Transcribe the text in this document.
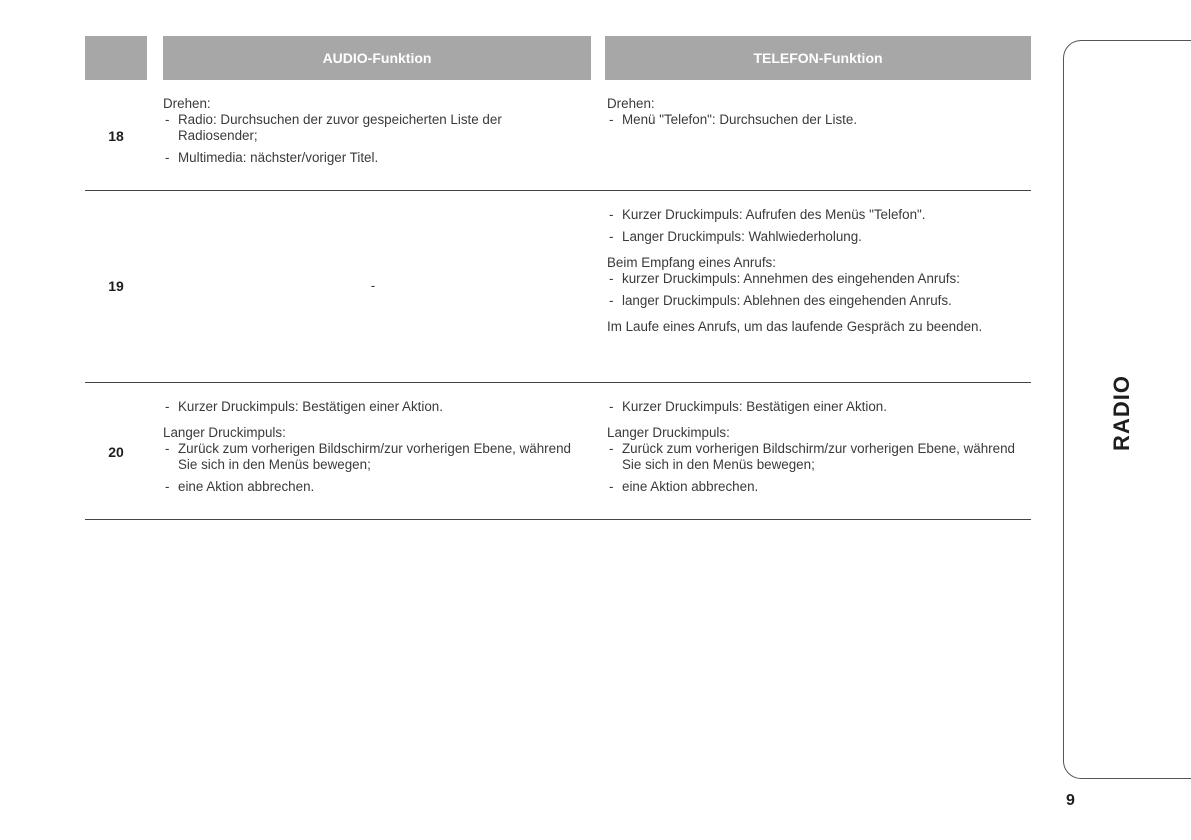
AUDIO-Funktion	TELEFON-Funktion
18
Drehen:
- Radio: Durchsuchen der zuvor gespeicherten Liste der Radiosender;
- Multimedia: nächster/voriger Titel.
Drehen:
- Menü "Telefon": Durchsuchen der Liste.
19	-
- Kurzer Druckimpuls: Aufrufen des Menüs "Telefon".
- Langer Druckimpuls: Wahlwiederholung.
Beim Empfang eines Anrufs:
- kurzer Druckimpuls: Annehmen des eingehenden Anrufs:
- langer Druckimpuls: Ablehnen des eingehenden Anrufs.
Im Laufe eines Anrufs, um das laufende Gespräch zu beenden.
20
- Kurzer Druckimpuls: Bestätigen einer Aktion.
Langer Druckimpuls:
- Zurück zum vorherigen Bildschirm/zur vorherigen Ebene, während Sie sich in den Menüs bewegen;
- eine Aktion abbrechen.
- Kurzer Druckimpuls: Bestätigen einer Aktion.
Langer Druckimpuls:
- Zurück zum vorherigen Bildschirm/zur vorherigen Ebene, während Sie sich in den Menüs bewegen;
- eine Aktion abbrechen.
RADIO
9
